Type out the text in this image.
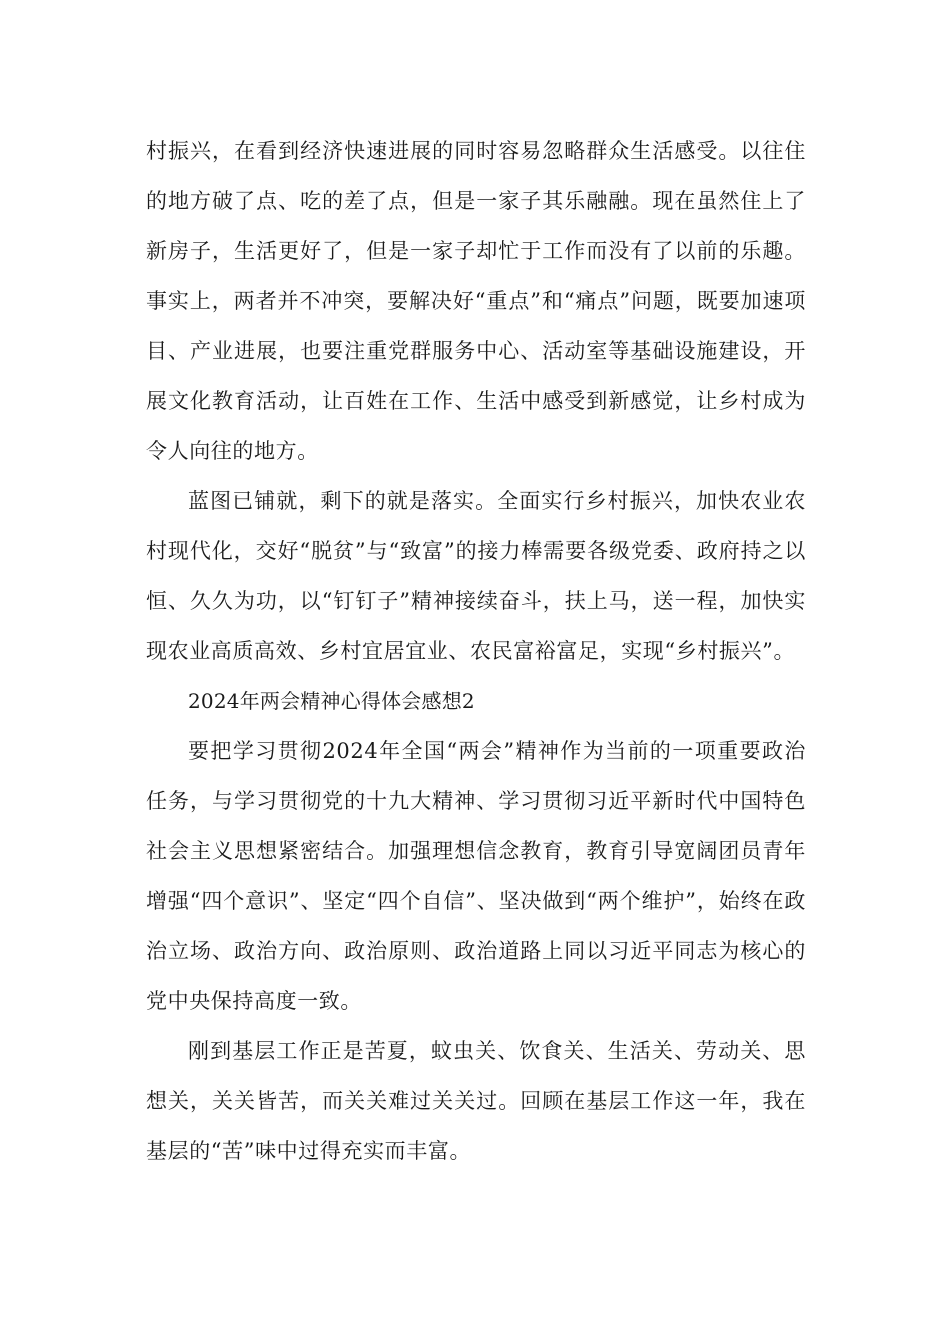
村振兴，在看到经济快速进展的同时容易忽略群众生活感受。以往住的地方破了点、吃的差了点，但是一家子其乐融融。现在虽然住上了新房子，生活更好了，但是一家子却忙于工作而没有了以前的乐趣。事实上，两者并不冲突，要解决好“重点”和“痛点”问题，既要加速项目、产业进展，也要注重党群服务中心、活动室等基础设施建设，开展文化教育活动，让百姓在工作、生活中感受到新感觉，让乡村成为令人向往的地方。

蓝图已铺就，剩下的就是落实。全面实行乡村振兴，加快农业农村现代化，交好“脱贫”与“致富”的接力棒需要各级党委、政府持之以恒、久久为功，以“钉钉子”精神接续奋斗，扶上马，送一程，加快实现农业高质高效、乡村宜居宜业、农民富裕富足，实现“乡村振兴”。

2024年两会精神心得体会感想2

要把学习贯彻2024年全国“两会”精神作为当前的一项重要政治任务，与学习贯彻党的十九大精神、学习贯彻习近平新时代中国特色社会主义思想紧密结合。加强理想信念教育，教育引导宽阔团员青年增强“四个意识”、坚定“四个自信”、坚决做到“两个维护”，始终在政治立场、政治方向、政治原则、政治道路上同以习近平同志为核心的党中央保持高度一致。

刚到基层工作正是苦夏，蚊虫关、饮食关、生活关、劳动关、思想关，关关皆苦，而关关难过关关过。回顾在基层工作这一年，我在基层的“苦”味中过得充实而丰富。
